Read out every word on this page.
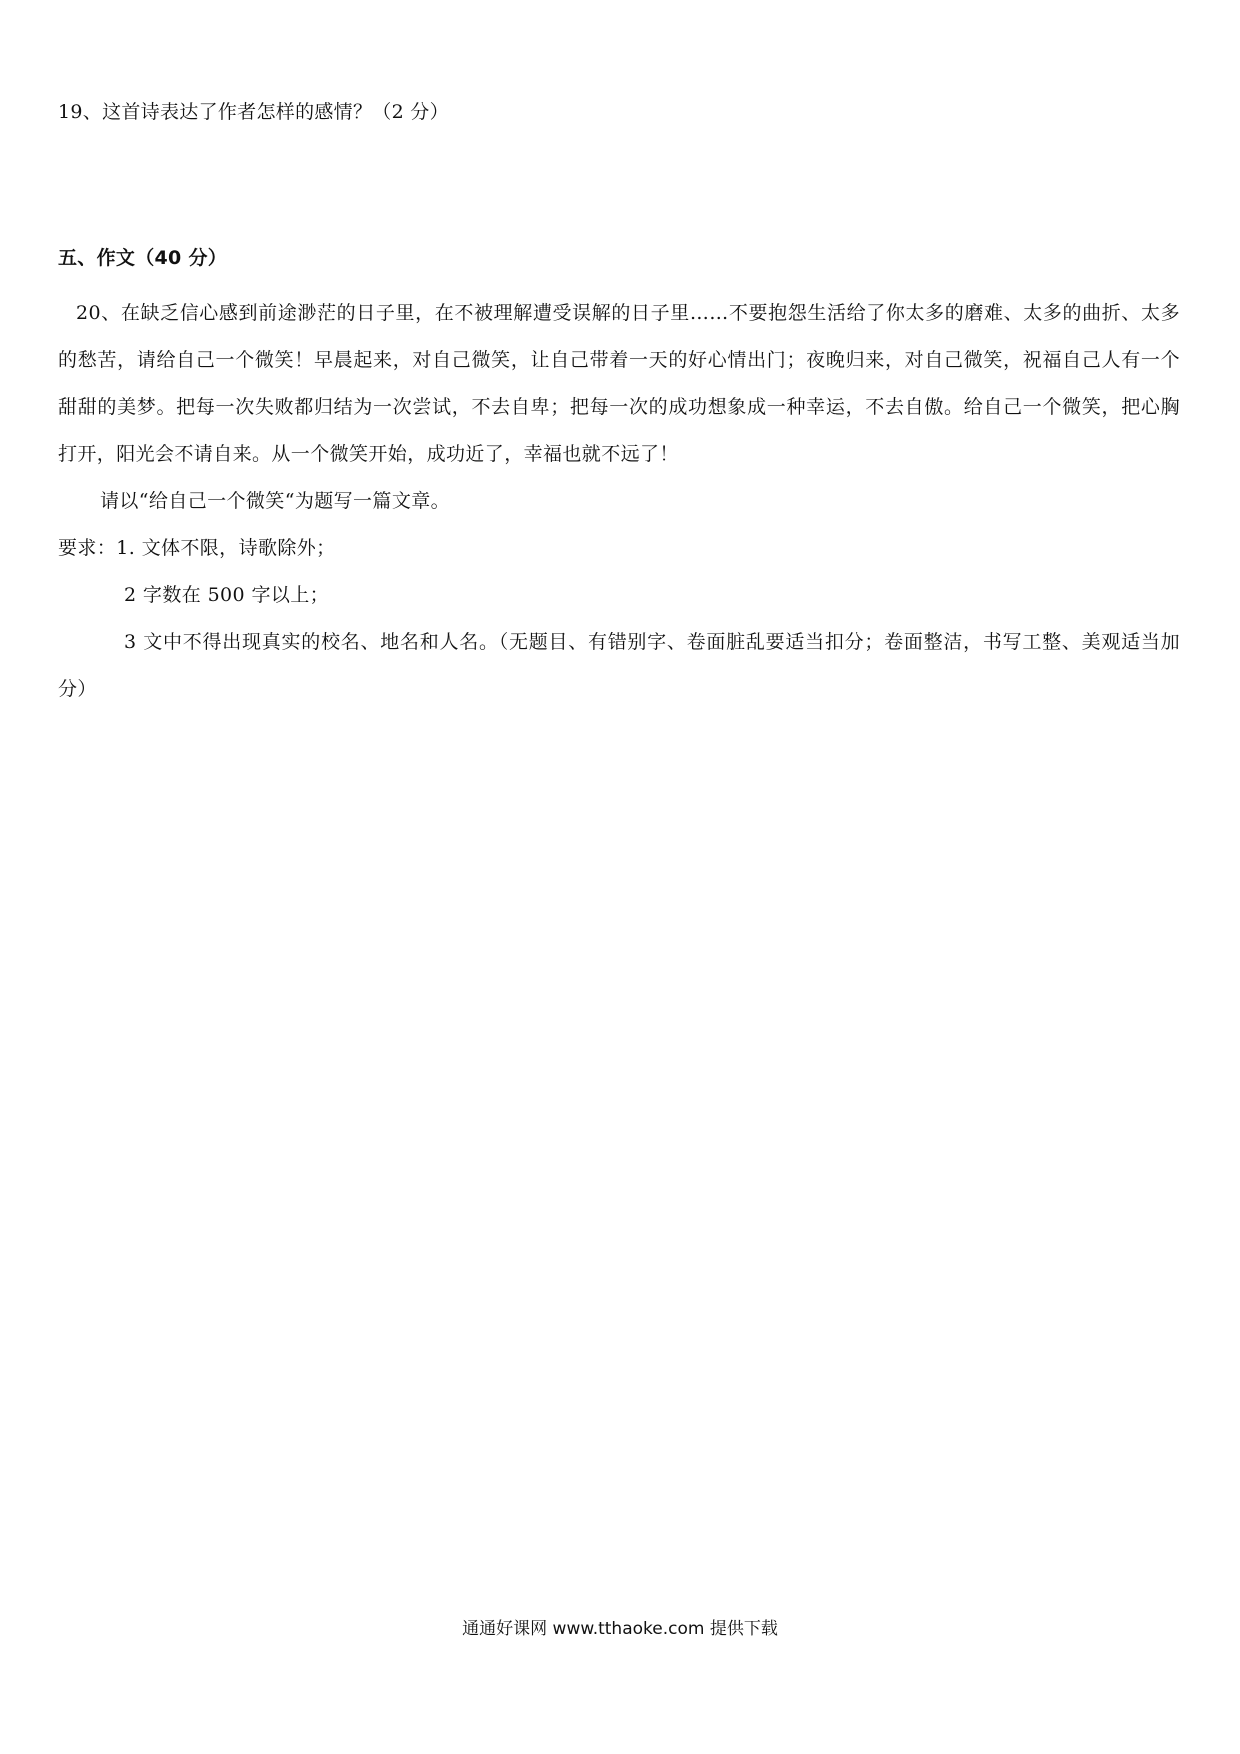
19、这首诗表达了作者怎样的感情？（2 分）
五、作文（40 分）

20、在缺乏信心感到前途渺茫的日子里，在不被理解遭受误解的日子里……不要抱怨生活给了你太多的磨难、太多的曲折、太多的愁苦，请给自己一个微笑！早晨起来，对自己微笑，让自己带着一天的好心情出门；夜晚归来，对自己微笑，祝福自己人有一个甜甜的美梦。把每一次失败都归结为一次尝试，不去自卑；把每一次的成功想象成一种幸运，不去自傲。给自己一个微笑，把心胸打开，阳光会不请自来。从一个微笑开始，成功近了，幸福也就不远了！

请以“给自己一个微笑“为题写一篇文章。

要求：1. 文体不限，诗歌除外；

2 字数在 500 字以上；

3 文中不得出现真实的校名、地名和人名。（无题目、有错别字、卷面脏乱要适当扣分；卷面整洁，书写工整、美观适当加分）

通通好课网 www.tthaoke.com 提供下载
